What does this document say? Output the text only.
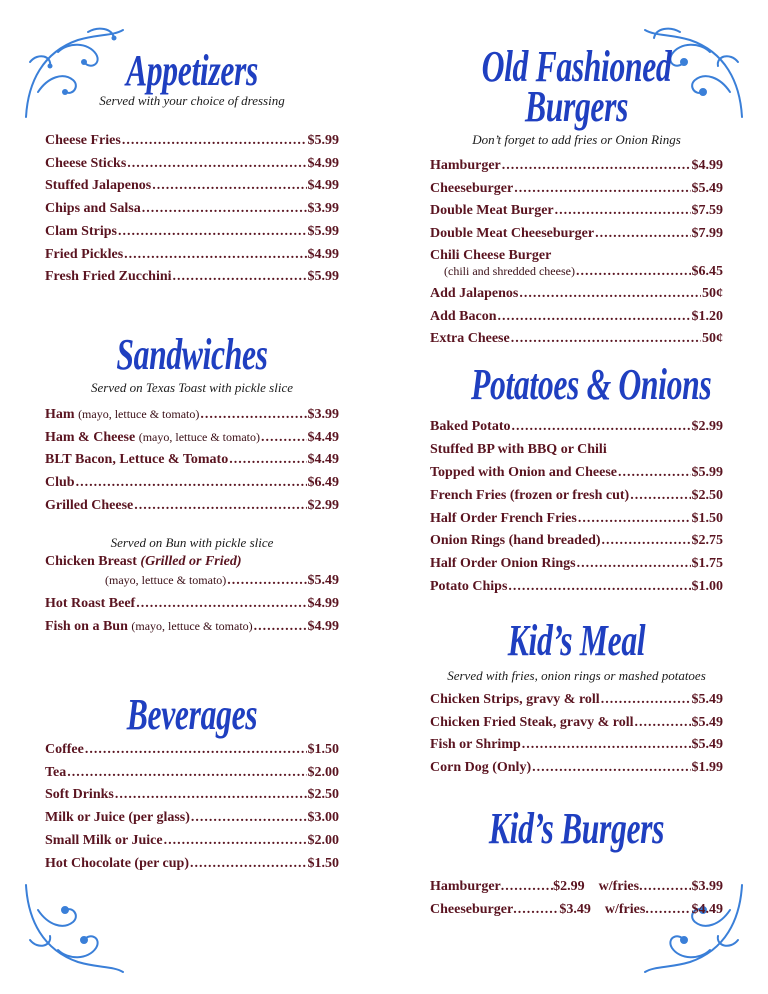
Appetizers
Served with your choice of dressing
Cheese Fries .....	$5.99
Cheese Sticks .....	$4.99
Stuffed Jalapenos .....	$4.99
Chips and Salsa .....	$3.99
Clam Strips .....	$5.99
Fried Pickles .....	$4.99
Fresh Fried Zucchini .....	$5.99
Sandwiches
Served on Texas Toast with pickle slice
Ham
(mayo, lettuce & tomato) .....	$3.99
Ham & Cheese
(mayo, lettuce & tomato) .....	$4.49
BLT Bacon, Lettuce & Tomato .....	$4.49
Club .....	$6.49
Grilled Cheese .....	$2.99
Served on Bun with pickle slice
Chicken Breast
(Grilled or Fried)
(mayo, lettuce & tomato) .....	$5.49
Hot Roast Beef .....	$4.99
Fish on a Bun
(mayo, lettuce & tomato) .....	$4.99
Beverages
Coffee .....	$1.50
Tea .....	$2.00
Soft Drinks .....	$2.50
Milk or Juice (per glass) .....	$3.00
Small Milk or Juice .....	$2.00
Hot Chocolate (per cup) .....	$1.50
Old Fashioned
Burgers
Don’t forget to add fries or Onion Rings
Hamburger .....	$4.99
Cheeseburger .....	$5.49
Double Meat Burger .....	$7.59
Double Meat Cheeseburger .....	$7.99
Chili Cheese Burger
(chili and shredded cheese) .....	$6.45
Add Jalapenos .....	50¢
Add Bacon .....	$1.20
Extra Cheese .....	50¢
Potatoes & Onions
Baked Potato .....	$2.99
Stuffed BP with BBQ or Chili
Topped with Onion and Cheese .....	$5.99
French Fries (frozen or fresh cut) .....	$2.50
Half Order French Fries .....	$1.50
Onion Rings (hand breaded) .....	$2.75
Half Order Onion Rings .....	$1.75
Potato Chips .....	$1.00
Kid’s Meal
Served with fries, onion rings or mashed potatoes
Chicken Strips, gravy & roll .....	$5.49
Chicken Fried Steak, gravy & roll .....	$5.49
Fish or Shrimp .....	$5.49
Corn Dog (Only) .....	$1.99
Kid’s Burgers
Hamburger .....	$2.99 w/fries .....	$3.99
Cheeseburger .....	$3.49 w/fries .....	$4.49
